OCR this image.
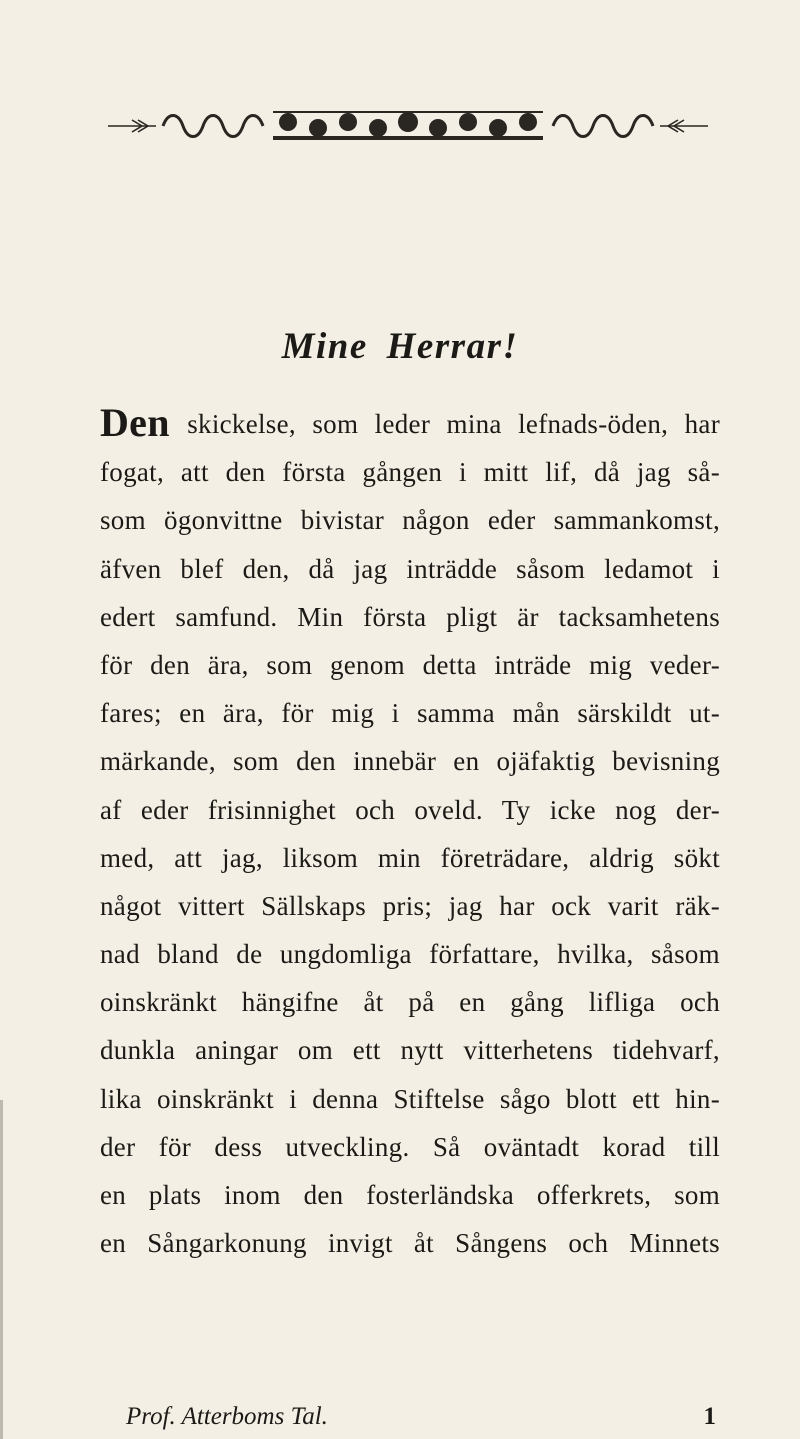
Mine Herrar!
Den skickelse, som leder mina lefnads-öden, har
fogat, att den första gången i mitt lif, då jag så-
som ögonvittne bivistar någon eder sammankomst,
äfven blef den, då jag inträdde såsom ledamot i
edert samfund. Min första pligt är tacksamhetens
för den ära, som genom detta inträde mig veder-
fares; en ära, för mig i samma mån särskildt ut-
märkande, som den innebär en ojäfaktig bevisning
af eder frisinnighet och oveld. Ty icke nog der-
med, att jag, liksom min företrädare, aldrig sökt
något vittert Sällskaps pris; jag har ock varit räk-
nad bland de ungdomliga författare, hvilka, såsom
oinskränkt hängifne åt på en gång lifliga och
dunkla aningar om ett nytt vitterhetens tidehvarf,
lika oinskränkt i denna Stiftelse sågo blott ett hin-
der för dess utveckling. Så oväntadt korad till
en plats inom den fosterländska offerkrets, som
en Sångarkonung invigt åt Sångens och Minnets
Prof. Atterboms Tal.	1
